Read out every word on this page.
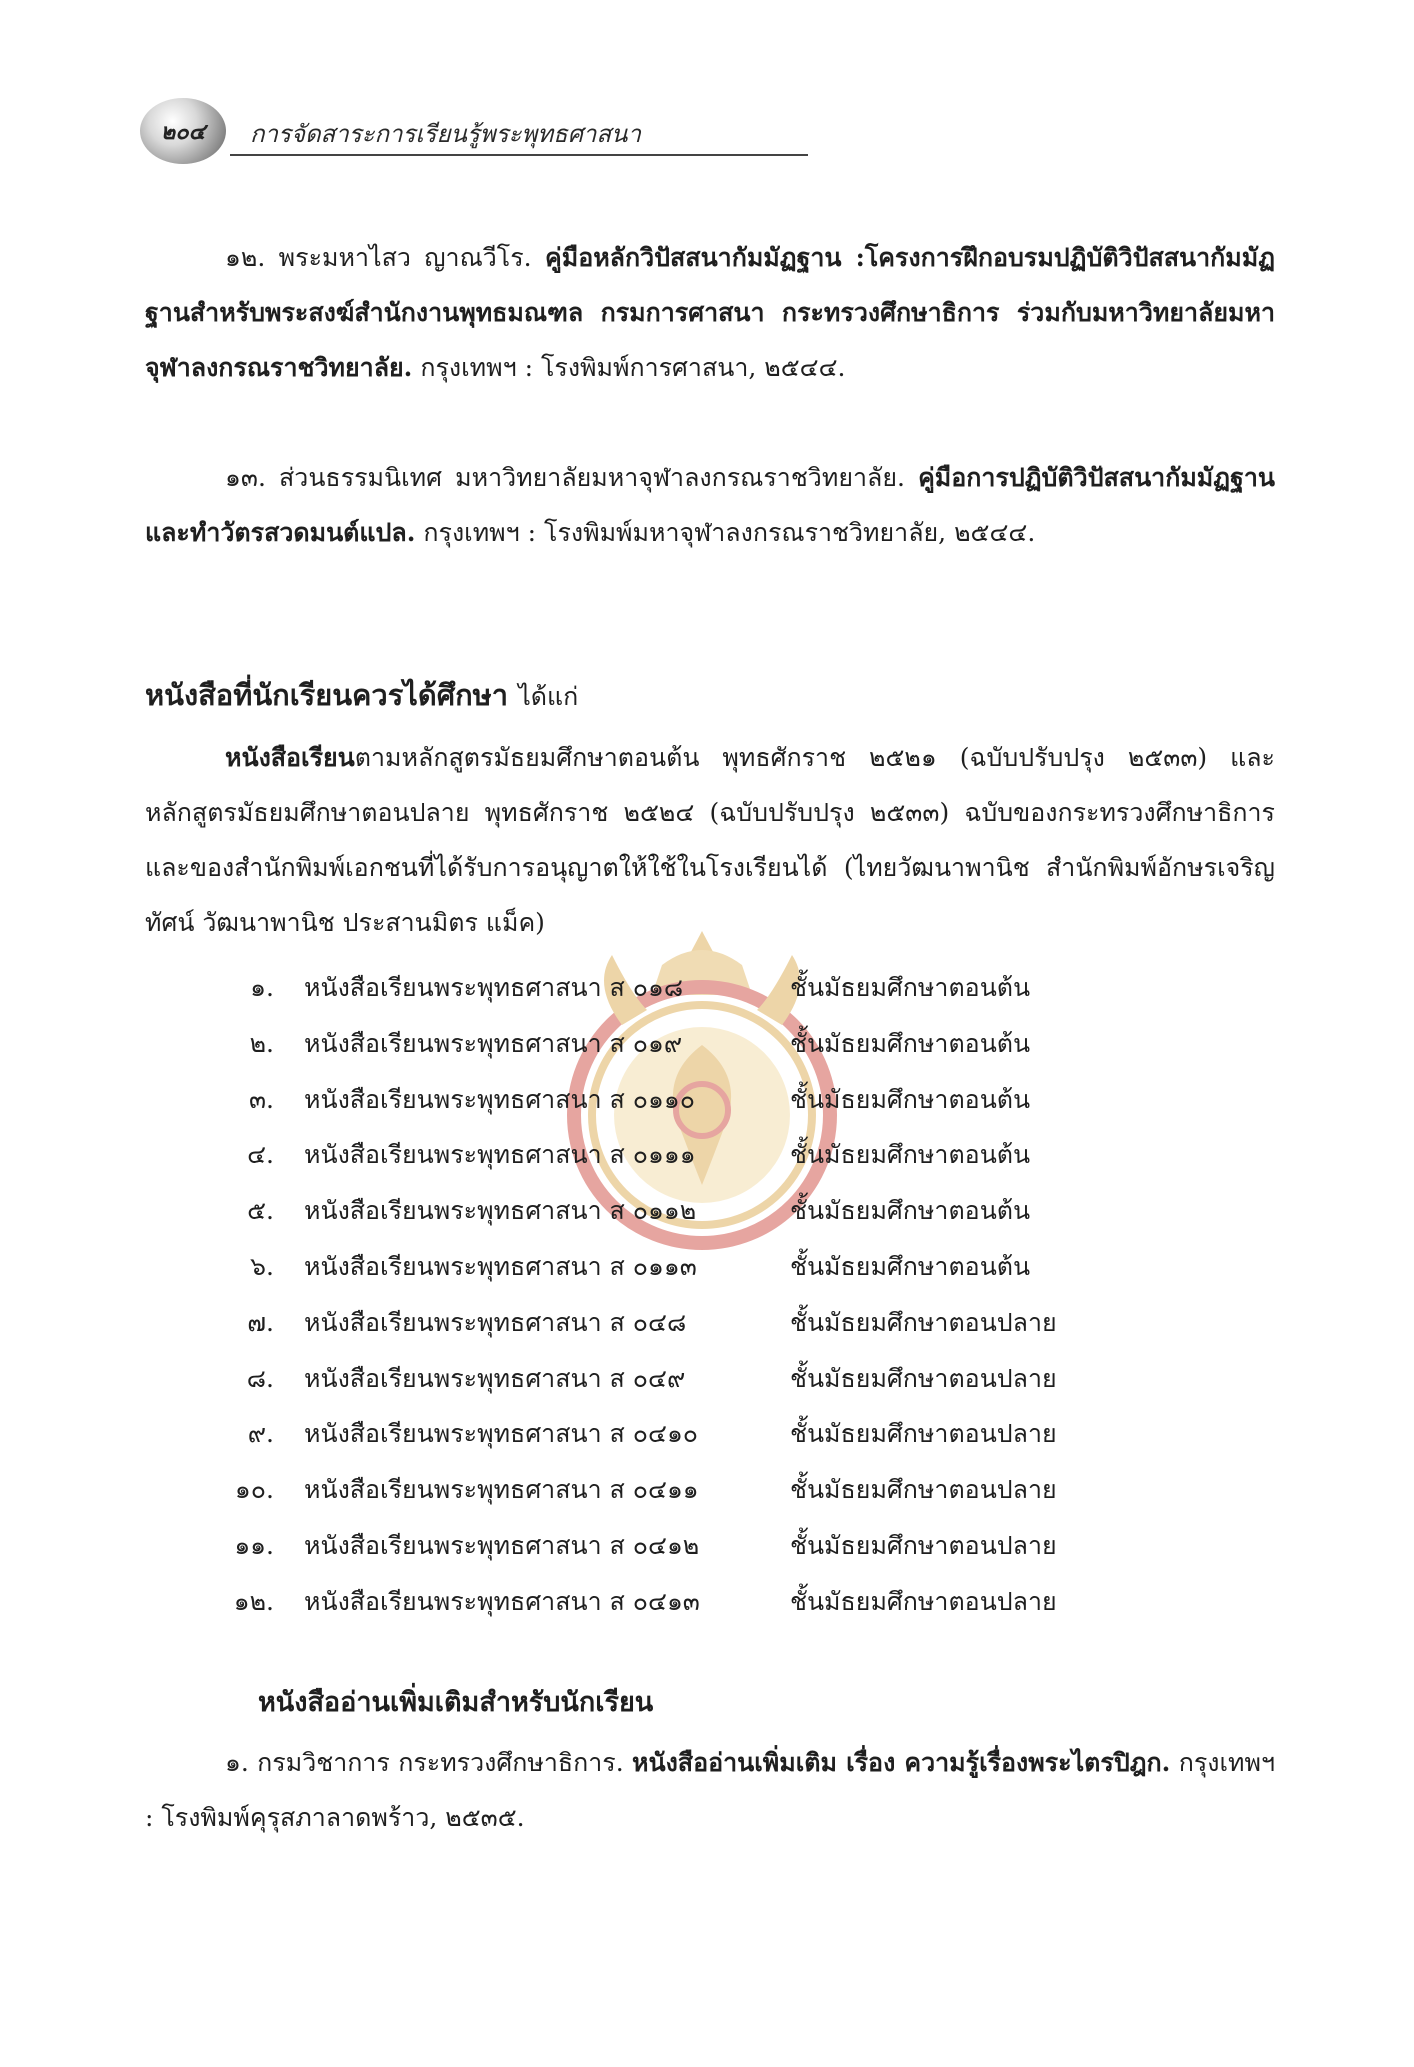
๒๐๔ การจัดสาระการเรียนรู้พระพุทธศาสนา
๑๒. พระมหาไสว ญาณวีโร. คู่มือหลักวิปัสสนากัมมัฏฐาน :โครงการฝึกอบรมปฏิบัติวิปัสสนากัมมัฏฐานสำหรับพระสงฆ์สำนักงานพุทธมณฑล กรมการศาสนา กระทรวงศึกษาธิการ ร่วมกับมหาวิทยาลัยมหาจุฬาลงกรณราชวิทยาลัย. กรุงเทพฯ : โรงพิมพ์การศาสนา, ๒๕๔๔.
๑๓. ส่วนธรรมนิเทศ มหาวิทยาลัยมหาจุฬาลงกรณราชวิทยาลัย. คู่มือการปฏิบัติวิปัสสนากัมมัฏฐาน และทำวัตรสวดมนต์แปล. กรุงเทพฯ : โรงพิมพ์มหาจุฬาลงกรณราชวิทยาลัย, ๒๕๔๔.
หนังสือที่นักเรียนควรได้ศึกษา ได้แก่
หนังสือเรียนตามหลักสูตรมัธยมศึกษาตอนต้น พุทธศักราช ๒๕๒๑ (ฉบับปรับปรุง ๒๕๓๓) และหลักสูตรมัธยมศึกษาตอนปลาย พุทธศักราช ๒๕๒๔ (ฉบับปรับปรุง ๒๕๓๓) ฉบับของกระทรวงศึกษาธิการและของสำนักพิมพ์เอกชนที่ได้รับการอนุญาตให้ใช้ในโรงเรียนได้ (ไทยวัฒนาพานิช สำนักพิมพ์อักษรเจริญทัศน์ วัฒนาพานิช ประสานมิตร แม็ค)
๑. หนังสือเรียนพระพุทธศาสนา ส ๐๑๘	ชั้นมัธยมศึกษาตอนต้น
๒. หนังสือเรียนพระพุทธศาสนา ส ๐๑๙	ชั้นมัธยมศึกษาตอนต้น
๓. หนังสือเรียนพระพุทธศาสนา ส ๐๑๑๐	ชั้นมัธยมศึกษาตอนต้น
๔. หนังสือเรียนพระพุทธศาสนา ส ๐๑๑๑	ชั้นมัธยมศึกษาตอนต้น
๕. หนังสือเรียนพระพุทธศาสนา ส ๐๑๑๒	ชั้นมัธยมศึกษาตอนต้น
๖. หนังสือเรียนพระพุทธศาสนา ส ๐๑๑๓	ชั้นมัธยมศึกษาตอนต้น
๗. หนังสือเรียนพระพุทธศาสนา ส ๐๔๘	ชั้นมัธยมศึกษาตอนปลาย
๘. หนังสือเรียนพระพุทธศาสนา ส ๐๔๙	ชั้นมัธยมศึกษาตอนปลาย
๙. หนังสือเรียนพระพุทธศาสนา ส ๐๔๑๐	ชั้นมัธยมศึกษาตอนปลาย
๑๐. หนังสือเรียนพระพุทธศาสนา ส ๐๔๑๑	ชั้นมัธยมศึกษาตอนปลาย
๑๑. หนังสือเรียนพระพุทธศาสนา ส ๐๔๑๒	ชั้นมัธยมศึกษาตอนปลาย
๑๒. หนังสือเรียนพระพุทธศาสนา ส ๐๔๑๓	ชั้นมัธยมศึกษาตอนปลาย
หนังสืออ่านเพิ่มเติมสำหรับนักเรียน
๑. กรมวิชาการ กระทรวงศึกษาธิการ. หนังสืออ่านเพิ่มเติม เรื่อง ความรู้เรื่องพระไตรปิฎก. กรุงเทพฯ : โรงพิมพ์คุรุสภาลาดพร้าว, ๒๕๓๕.
